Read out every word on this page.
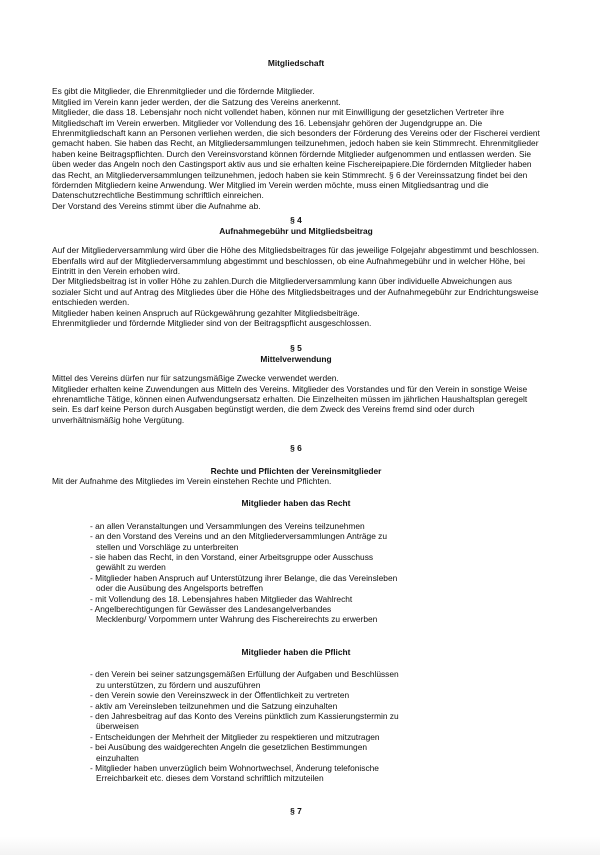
Mitgliedschaft

Es gibt die Mitglieder, die Ehrenmitglieder und die fördernde Mitglieder.

Mitglied im Verein kann jeder werden, der die Satzung des Vereins anerkennt.

Mitglieder, die dass 18. Lebensjahr noch nicht vollendet haben, können nur mit Einwilligung der gesetzlichen Vertreter ihre Mitgliedschaft im Verein erwerben. Mitglieder vor Vollendung des 16. Lebensjahr gehören der Jugendgruppe an. Die Ehrenmitgliedschaft kann an Personen verliehen werden, die sich besonders der Förderung des Vereins oder der Fischerei verdient gemacht haben. Sie haben das Recht, an Mitgliedersammlungen teilzunehmen, jedoch haben sie kein Stimmrecht. Ehrenmitglieder haben keine Beitragspflichten. Durch den Vereinsvorstand können fördernde Mitglieder aufgenommen und entlassen werden. Sie üben weder das Angeln noch den Castingsport aktiv aus und sie erhalten keine Fischereipapiere.Die fördernden Mitglieder haben das Recht, an Mitgliederversammlungen teilzunehmen, jedoch haben sie kein Stimmrecht. § 6 der Vereinssatzung findet bei den fördernden Mitgliedern keine Anwendung. Wer Mitglied im Verein werden möchte, muss einen Mitgliedsantrag und die Datenschutzrechtliche Bestimmung schriftlich einreichen.

Der Vorstand des Vereins stimmt über die Aufnahme ab.

§ 4
Aufnahmegebühr und Mitgliedsbeitrag

Auf der Mitgliederversammlung wird über die Höhe des Mitgliedsbeitrages für das jeweilige Folgejahr abgestimmt und beschlossen. Ebenfalls wird auf der Mitgliederversammlung abgestimmt und beschlossen, ob eine Aufnahmegebühr und in welcher Höhe, bei Eintritt in den Verein erhoben wird.

Der Mitgliedsbeitrag ist in voller Höhe zu zahlen.Durch die Mitgliederversammlung kann über individuelle Abweichungen aus sozialer Sicht und auf Antrag des Mitgliedes über die Höhe des Mitgliedsbeitrages und der Aufnahmegebühr zur Endrichtungsweise entschieden werden.

Mitglieder haben keinen Anspruch auf Rückgewährung gezahlter Mitgliedsbeiträge.

Ehrenmitglieder und fördernde Mitglieder sind von der Beitragspflicht ausgeschlossen.

§ 5
Mittelverwendung

Mittel des Vereins dürfen nur für satzungsmäßige Zwecke verwendet werden.

Mitglieder erhalten keine Zuwendungen aus Mitteln des Vereins. Mitglieder des Vorstandes und für den Verein in sonstige Weise ehrenamtliche Tätige, können einen Aufwendungsersatz erhalten. Die Einzelheiten müssen im jährlichen Haushaltsplan geregelt sein. Es darf keine Person durch Ausgaben begünstigt werden, die dem Zweck des Vereins fremd sind oder durch unverhältnismäßig hohe Vergütung.

§ 6
Rechte und Pflichten der Vereinsmitglieder

Mit der Aufnahme des Mitgliedes im Verein einstehen Rechte und Pflichten.

Mitglieder haben das Recht
- an allen Veranstaltungen und Versammlungen des Vereins teilzunehmen
- an den Vorstand des Vereins und an den Mitgliederversammlungen Anträge zu
stellen und Vorschläge zu unterbreiten
- sie haben das Recht, in den Vorstand, einer Arbeitsgruppe oder Ausschuss
gewählt zu werden
- Mitglieder haben Anspruch auf Unterstützung ihrer Belange, die das Vereinsleben
oder die Ausübung des Angelsports betreffen
- mit Vollendung des 18. Lebensjahres haben Mitglieder das Wahlrecht
- Angelberechtigungen für Gewässer des Landesangelverbandes
Mecklenburg/ Vorpommern unter Wahrung des Fischereirechts zu erwerben
Mitglieder haben die Pflicht
- den Verein bei seiner satzungsgemäßen Erfüllung der Aufgaben und Beschlüssen
zu unterstützen, zu fördern und auszuführen
- den Verein sowie den Vereinszweck in der Öffentlichkeit zu vertreten
- aktiv am Vereinsleben teilzunehmen und die Satzung einzuhalten
- den Jahresbeitrag auf das Konto des Vereins pünktlich zum Kassierungstermin zu
überweisen
- Entscheidungen der Mehrheit der Mitglieder zu respektieren und mitzutragen
- bei Ausübung des waidgerechten Angeln die gesetzlichen Bestimmungen
einzuhalten
- Mitglieder haben unverzüglich beim Wohnortwechsel, Änderung telefonische
Erreichbarkeit etc. dieses dem Vorstand schriftlich mitzuteilen
§ 7
